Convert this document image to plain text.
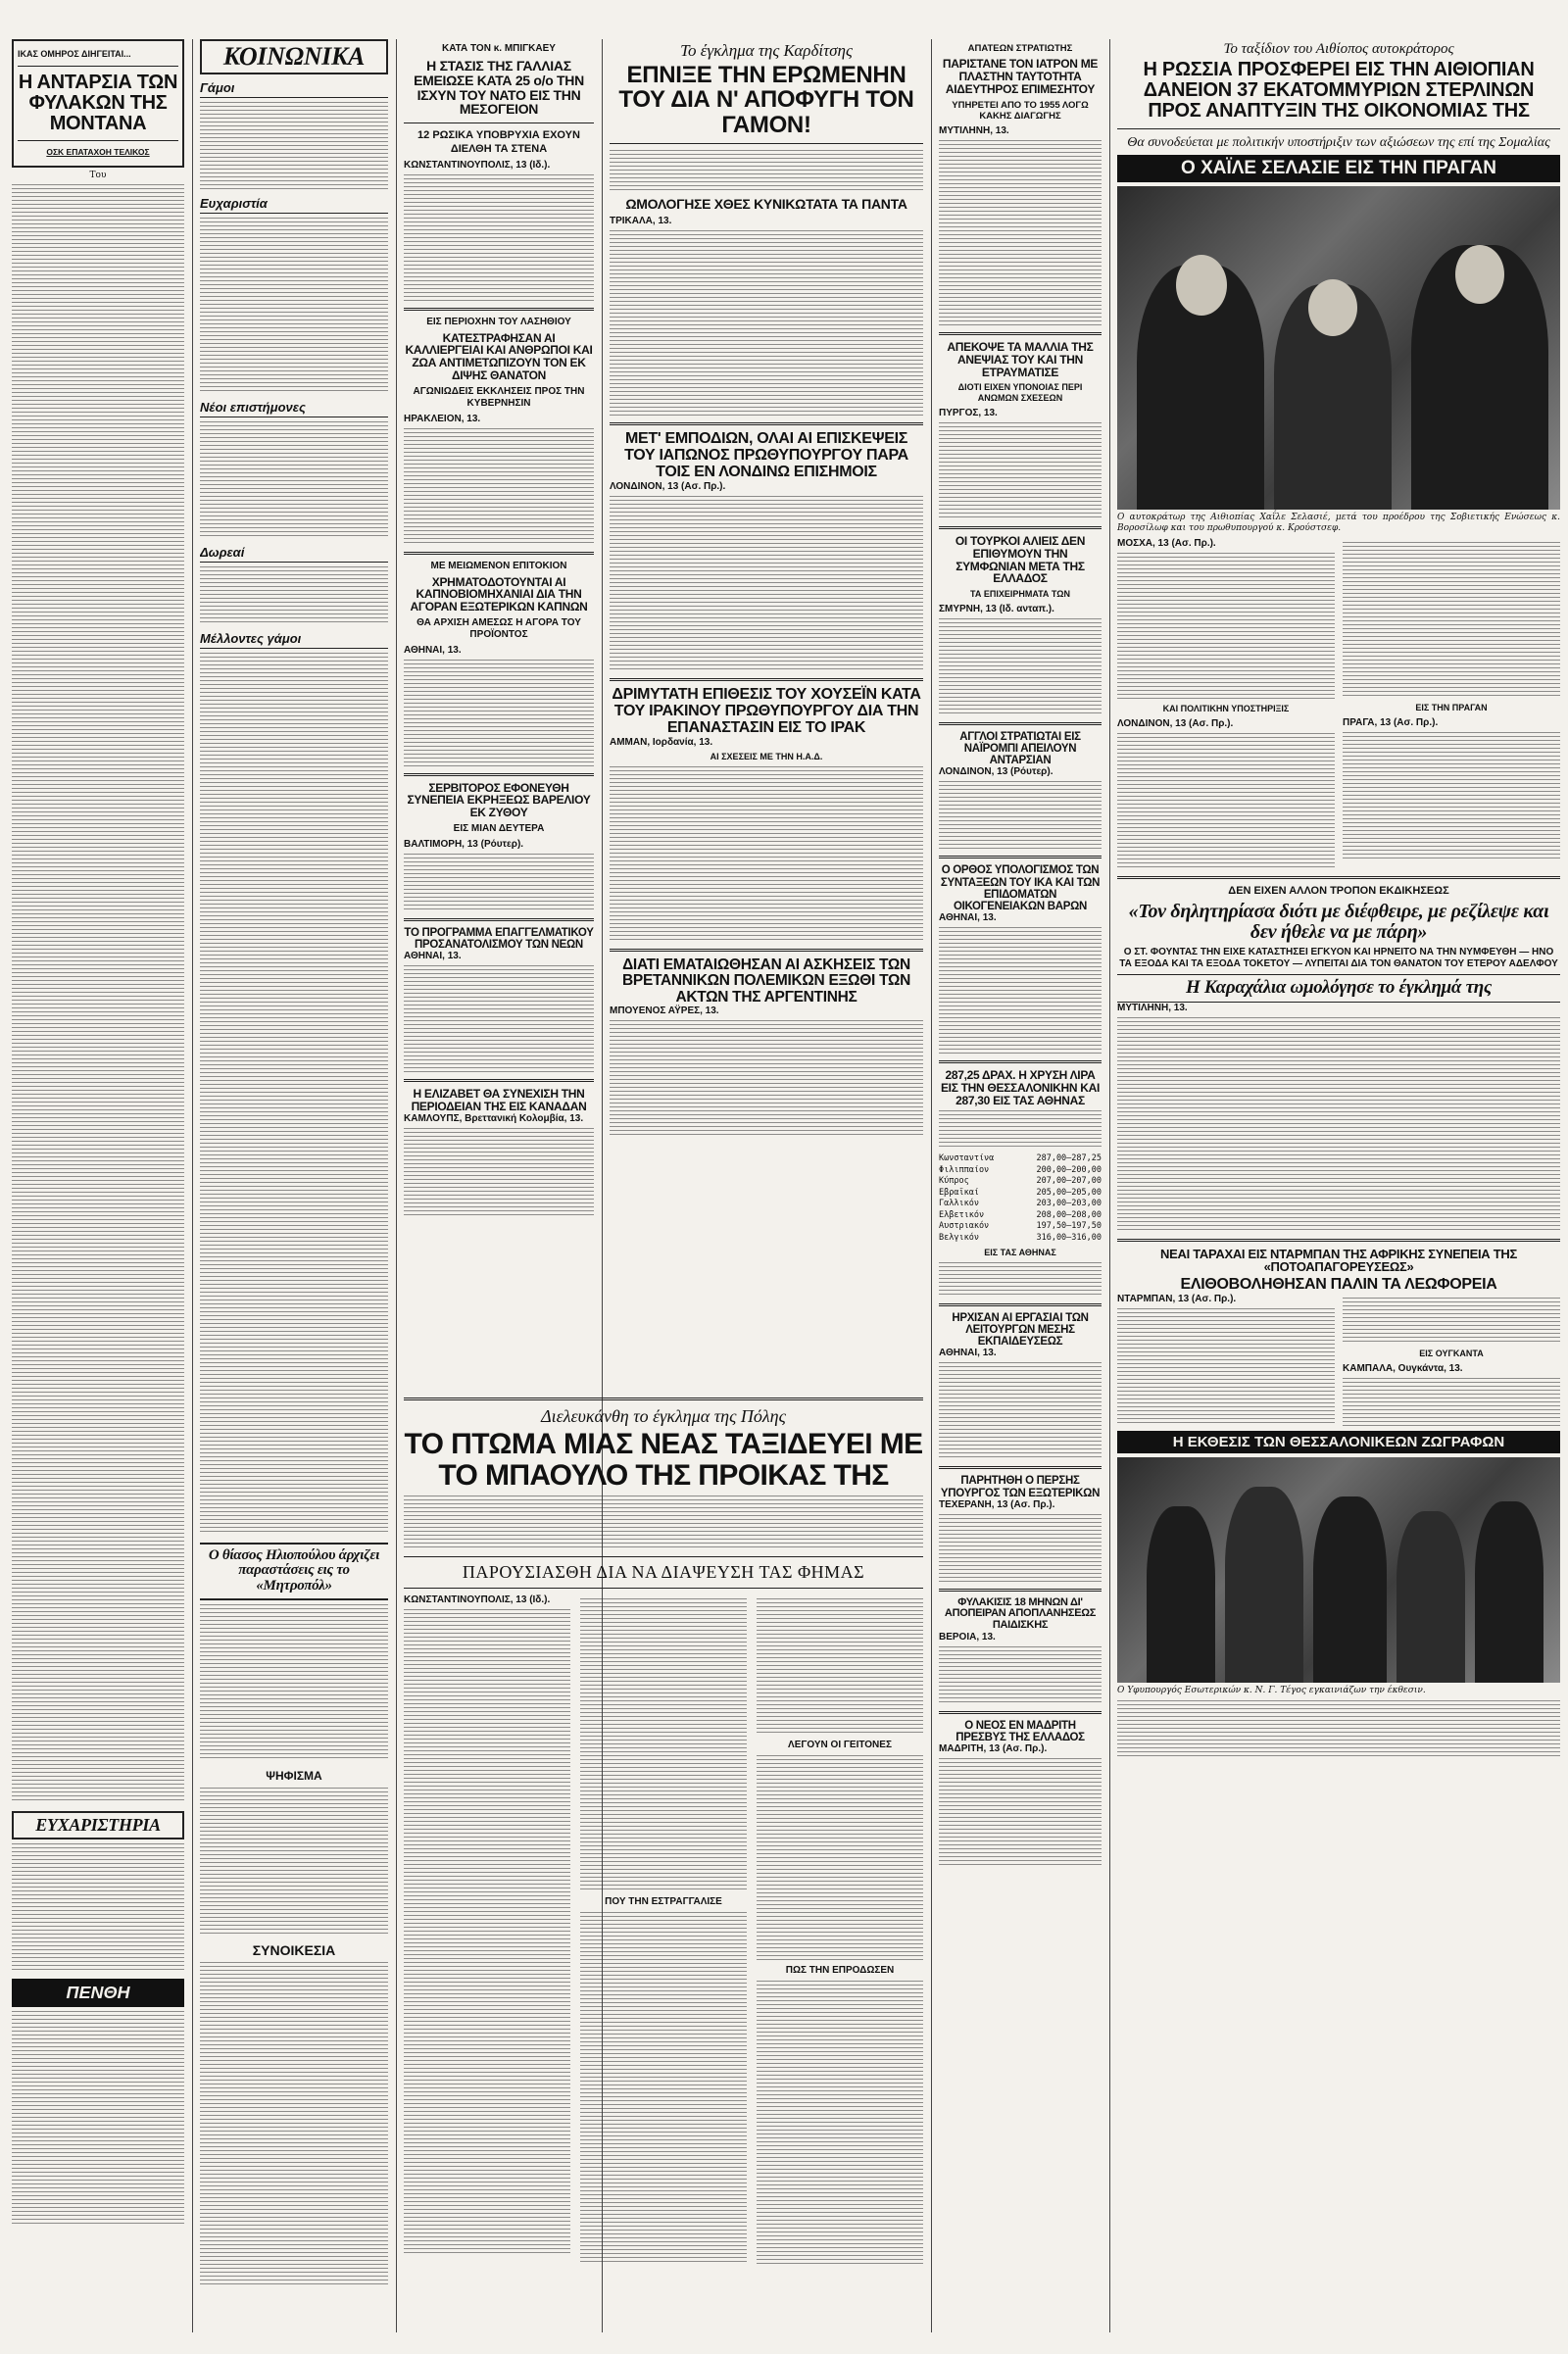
ΙΚΑΣ ΟΜΗΡΟΣ ΔΙΗΓΕΙΤΑΙ...
Η ΑΝΤΑΡΣΙΑ ΤΩΝ ΦΥΛΑΚΩΝ ΤΗΣ ΜΟΝΤΑΝΑ
ΟΣΚ ΕΠΑΤΑΧΟΗ ΤΕΛΙΚΟΣ
Του
ΕΥΧΑΡΙΣΤΗΡΙΑ
ΠΕΝΘΗ
ΚΟΙΝΩΝΙΚΑ
Γάμοι
Ευχαριστία
Νέοι επιστήμονες
Δωρεαί
Μέλλοντες γάμοι
Ο θίασος Ηλιοπούλου άρχιζει παραστάσεις εις το «Μητροπόλ»
ΨΗΦΙΣΜΑ
ΣΥΝΟΙΚΕΣΙΑ
ΚΑΤΑ ΤΟΝ κ. ΜΠΙΓΚΑΕΥ
Η ΣΤΑΣΙΣ ΤΗΣ ΓΑΛΛΙΑΣ ΕΜΕΙΩΣΕ ΚΑΤΑ 25 ο/ο ΤΗΝ ΙΣΧΥΝ ΤΟΥ ΝΑΤΟ ΕΙΣ ΤΗΝ ΜΕΣΟΓΕΙΟΝ
12 ΡΩΣΙΚΑ ΥΠΟΒΡΥΧΙΑ ΕΧΟΥΝ ΔΙΕΛΘΗ ΤΑ ΣΤΕΝΑ
ΚΩΝΣΤΑΝΤΙΝΟΥΠΟΛΙΣ, 13 (Ιδ.).
ΕΙΣ ΠΕΡΙΟΧΗΝ ΤΟΥ ΛΑΣΗΘΙΟΥ
ΚΑΤΕΣΤΡΑΦΗΣΑΝ ΑΙ ΚΑΛΛΙΕΡΓΕΙΑΙ ΚΑΙ ΑΝΘΡΩΠΟΙ ΚΑΙ ΖΩΑ ΑΝΤΙΜΕΤΩΠΙΖΟΥΝ ΤΟΝ ΕΚ ΔΙΨΗΣ ΘΑΝΑΤΟΝ
ΑΓΩΝΙΩΔΕΙΣ ΕΚΚΛΗΣΕΙΣ ΠΡΟΣ ΤΗΝ ΚΥΒΕΡΝΗΣΙΝ
ΗΡΑΚΛΕΙΟΝ, 13.
ΜΕ ΜΕΙΩΜΕΝΟΝ ΕΠΙΤΟΚΙΟΝ
ΧΡΗΜΑΤΟΔΟΤΟΥΝΤΑΙ ΑΙ ΚΑΠΝΟΒΙΟΜΗΧΑΝΙΑΙ ΔΙΑ ΤΗΝ ΑΓΟΡΑΝ ΕΞΩΤΕΡΙΚΩΝ ΚΑΠΝΩΝ
ΘΑ ΑΡΧΙΣΗ ΑΜΕΣΩΣ Η ΑΓΟΡΑ ΤΟΥ ΠΡΟΪΟΝΤΟΣ
ΑΘΗΝΑΙ, 13.
ΣΕΡΒΙΤΟΡΟΣ ΕΦΟΝΕΥΘΗ ΣΥΝΕΠΕΙΑ ΕΚΡΗΞΕΩΣ ΒΑΡΕΛΙΟΥ ΕΚ ΖΥΘΟΥ
ΕΙΣ ΜΙΑΝ ΔΕΥΤΕΡΑ
ΒΑΛΤΙΜΟΡΗ, 13 (Ρόυτερ).
ΤΟ ΠΡΟΓΡΑΜΜΑ ΕΠΑΓΓΕΛΜΑΤΙΚΟΥ ΠΡΟΣΑΝΑΤΟΛΙΣΜΟΥ ΤΩΝ ΝΕΩΝ
ΑΘΗΝΑΙ, 13.
Η ΕΛΙΖΑΒΕΤ ΘΑ ΣΥΝΕΧΙΣΗ ΤΗΝ ΠΕΡΙΟΔΕΙΑΝ ΤΗΣ ΕΙΣ ΚΑΝΑΔΑΝ
ΚΑΜΛΟΥΠΣ, Βρεττανική Κολομβία, 13.
Το έγκλημα της Καρδίτσης
ΕΠΝΙΞΕ ΤΗΝ ΕΡΩΜΕΝΗΝ ΤΟΥ ΔΙΑ Ν' ΑΠΟΦΥΓΗ ΤΟΝ ΓΑΜΟΝ!
ΩΜΟΛΟΓΗΣΕ ΧΘΕΣ ΚΥΝΙΚΩΤΑΤΑ ΤΑ ΠΑΝΤΑ
ΤΡΙΚΑΛΑ, 13.
ΜΕΤ' ΕΜΠΟΔΙΩΝ, ΟΛΑΙ ΑΙ ΕΠΙΣΚΕΨΕΙΣ ΤΟΥ ΙΑΠΩΝΟΣ ΠΡΩΘΥΠΟΥΡΓΟΥ ΠΑΡΑ ΤΟΙΣ ΕΝ ΛΟΝΔΙΝΩ ΕΠΙΣΗΜΟΙΣ
ΛΟΝΔΙΝΟΝ, 13 (Ασ. Πρ.).
ΔΡΙΜΥΤΑΤΗ ΕΠΙΘΕΣΙΣ ΤΟΥ ΧΟΥΣΕΪΝ ΚΑΤΑ ΤΟΥ ΙΡΑΚΙΝΟΥ ΠΡΩΘΥΠΟΥΡΓΟΥ ΔΙΑ ΤΗΝ ΕΠΑΝΑΣΤΑΣΙΝ ΕΙΣ ΤΟ ΙΡΑΚ
ΑΜΜΑΝ, Ιορδανία, 13.
ΑΙ ΣΧΕΣΕΙΣ ΜΕ ΤΗΝ Η.Α.Δ.
ΔΙΑΤΙ ΕΜΑΤΑΙΩΘΗΣΑΝ ΑΙ ΑΣΚΗΣΕΙΣ ΤΩΝ ΒΡΕΤΑΝΝΙΚΩΝ ΠΟΛΕΜΙΚΩΝ ΕΞΩΘΙ ΤΩΝ ΑΚΤΩΝ ΤΗΣ ΑΡΓΕΝΤΙΝΗΣ
ΜΠΟΥΕΝΟΣ ΑΫΡΕΣ, 13.
Διελευκάνθη το έγκλημα της Πόλης
ΤΟ ΠΤΩΜΑ ΜΙΑΣ ΝΕΑΣ ΤΑΞΙΔΕΥΕΙ ΜΕ ΤΟ ΜΠΑΟΥΛΟ ΤΗΣ ΠΡΟΙΚΑΣ ΤΗΣ
ΠΑΡΟΥΣΙΑΣΘΗ ΔΙΑ ΝΑ ΔΙΑΨΕΥΣΗ ΤΑΣ ΦΗΜΑΣ
ΚΩΝΣΤΑΝΤΙΝΟΥΠΟΛΙΣ, 13 (Ιδ.).
ΠΟΥ ΤΗΝ ΕΣΤΡΑΓΓΑΛΙΣΕ
ΛΕΓΟΥΝ ΟΙ ΓΕΙΤΟΝΕΣ
ΠΩΣ ΤΗΝ ΕΠΡΟΔΩΣΕΝ
ΑΠΑΤΕΩΝ ΣΤΡΑΤΙΩΤΗΣ
ΠΑΡΙΣΤΑΝΕ ΤΟΝ ΙΑΤΡΟΝ ΜΕ ΠΛΑΣΤΗΝ ΤΑΥΤΟΤΗΤΑ ΑΙΔΕΥΤΗΡΟΣ ΕΠΙΜΕΣΗΤΟΥ
ΥΠΗΡΕΤΕΙ ΑΠΟ ΤΟ 1955 ΛΟΓΩ ΚΑΚΗΣ ΔΙΑΓΩΓΗΣ
ΜΥΤΙΛΗΝΗ, 13.
ΑΠΕΚΟΨΕ ΤΑ ΜΑΛΛΙΑ ΤΗΣ ΑΝΕΨΙΑΣ ΤΟΥ ΚΑΙ ΤΗΝ ΕΤΡΑΥΜΑΤΙΣΕ
ΔΙΟΤΙ ΕΙΧΕΝ ΥΠΟΝΟΙΑΣ ΠΕΡΙ ΑΝΩΜΩΝ ΣΧΕΣΕΩΝ
ΠΥΡΓΟΣ, 13.
ΟΙ ΤΟΥΡΚΟΙ ΑΛΙΕΙΣ ΔΕΝ ΕΠΙΘΥΜΟΥΝ ΤΗΝ ΣΥΜΦΩΝΙΑΝ ΜΕΤΑ ΤΗΣ ΕΛΛΑΔΟΣ
ΤΑ ΕΠΙΧΕΙΡΗΜΑΤΑ ΤΩΝ
ΣΜΥΡΝΗ, 13 (Ιδ. ανταπ.).
ΑΓΓΛΟΙ ΣΤΡΑΤΙΩΤΑΙ ΕΙΣ ΝΑΪΡΟΜΠΙ ΑΠΕΙΛΟΥΝ ΑΝΤΑΡΣΙΑΝ
ΛΟΝΔΙΝΟΝ, 13 (Ρόυτερ).
Ο ΟΡΘΟΣ ΥΠΟΛΟΓΙΣΜΟΣ ΤΩΝ ΣΥΝΤΑΞΕΩΝ ΤΟΥ ΙΚΑ ΚΑΙ ΤΩΝ ΕΠΙΔΟΜΑΤΩΝ ΟΙΚΟΓΕΝΕΙΑΚΩΝ ΒΑΡΩΝ
ΑΘΗΝΑΙ, 13.
287,25 ΔΡΑΧ. Η ΧΡΥΣΗ ΛΙΡΑ ΕΙΣ ΤΗΝ ΘΕΣΣΑΛΟΝΙΚΗΝ ΚΑΙ 287,30 ΕΙΣ ΤΑΣ ΑΘΗΝΑΣ
Κωνσταντίνα	287,00—287,25
Φιλιππαίον	200,00—200,00
Κύπρος	207,00—207,00
Εβραϊκαί	205,00—205,00
Γαλλικόν	203,00—203,00
Ελβετικόν	208,00—208,00
Αυστριακόν	197,50—197,50
Βελγικόν	316,00—316,00
ΕΙΣ ΤΑΣ ΑΘΗΝΑΣ
ΗΡΧΙΣΑΝ ΑΙ ΕΡΓΑΣΙΑΙ ΤΩΝ ΛΕΙΤΟΥΡΓΩΝ ΜΕΣΗΣ ΕΚΠΑΙΔΕΥΣΕΩΣ
ΑΘΗΝΑΙ, 13.
ΠΑΡΗΤΗΘΗ Ο ΠΕΡΣΗΣ ΥΠΟΥΡΓΟΣ ΤΩΝ ΕΞΩΤΕΡΙΚΩΝ
ΤΕΧΕΡΑΝΗ, 13 (Ασ. Πρ.).
ΦΥΛΑΚΙΣΙΣ 18 ΜΗΝΩΝ ΔΙ' ΑΠΟΠΕΙΡΑΝ ΑΠΟΠΛΑΝΗΣΕΩΣ ΠΑΙΔΙΣΚΗΣ
ΒΕΡΟΙΑ, 13.
Ο ΝΕΟΣ ΕΝ ΜΑΔΡΙΤΗ ΠΡΕΣΒΥΣ ΤΗΣ ΕΛΛΑΔΟΣ
ΜΑΔΡΙΤΗ, 13 (Ασ. Πρ.).
Το ταξίδιον του Αιθίοπος αυτοκράτορος
Η ΡΩΣΣΙΑ ΠΡΟΣΦΕΡΕΙ ΕΙΣ ΤΗΝ ΑΙΘΙΟΠΙΑΝ ΔΑΝΕΙΟΝ 37 ΕΚΑΤΟΜΜΥΡΙΩΝ ΣΤΕΡΛΙΝΩΝ ΠΡΟΣ ΑΝΑΠΤΥΞΙΝ ΤΗΣ ΟΙΚΟΝΟΜΙΑΣ ΤΗΣ
Θα συνοδεύεται με πολιτικήν υποστήριξιν των αξιώσεων της επί της Σομαλίας
Ο ΧΑΪΛΕ ΣΕΛΑΣΙΕ ΕΙΣ ΤΗΝ ΠΡΑΓΑΝ
Ο αυτοκράτωρ της Αιθιοπίας Χαΐλε Σελασιέ, μετά του προέδρου της Σοβιετικής Ενώσεως κ. Βοροσίλωφ και του πρωθυπουργού κ. Κρούστσεφ.
ΜΟΣΧΑ, 13 (Ασ. Πρ.).
ΚΑΙ ΠΟΛΙΤΙΚΗΝ ΥΠΟΣΤΗΡΙΞΙΣ
ΛΟΝΔΙΝΟΝ, 13 (Ασ. Πρ.).
ΕΙΣ ΤΗΝ ΠΡΑΓΑΝ
ΠΡΑΓΑ, 13 (Ασ. Πρ.).
ΔΕΝ ΕΙΧΕΝ ΑΛΛΟΝ ΤΡΟΠΟΝ ΕΚΔΙΚΗΣΕΩΣ
«Τον δηλητηρίασα διότι με διέφθειρε, με ρεζίλεψε και δεν ήθελε να με πάρη»
Ο ΣΤ. ΦΟΥΝΤΑΣ ΤΗΝ ΕΙΧΕ ΚΑΤΑΣΤΗΣΕΙ ΕΓΚΥΟΝ ΚΑΙ ΗΡΝΕΙΤΟ ΝΑ ΤΗΝ ΝΥΜΦΕΥΘΗ — ΗΝΟ ΤΑ ΕΞΟΔΑ ΚΑΙ ΤΑ ΕΞΟΔΑ ΤΟΚΕΤΟΥ — ΛΥΠΕΙΤΑΙ ΔΙΑ ΤΟΝ ΘΑΝΑΤΟΝ ΤΟΥ ΕΤΕΡΟΥ ΑΔΕΛΦΟΥ
Η Καραχάλια ωμολόγησε το έγκλημά της
ΜΥΤΙΛΗΝΗ, 13.
ΝΕΑΙ ΤΑΡΑΧΑΙ ΕΙΣ ΝΤΑΡΜΠΑΝ ΤΗΣ ΑΦΡΙΚΗΣ ΣΥΝΕΠΕΙΑ ΤΗΣ «ΠΟΤΟΑΠΑΓΟΡΕΥΣΕΩΣ»
ΕΛΙΘΟΒΟΛΗΘΗΣΑΝ ΠΑΛΙΝ ΤΑ ΛΕΩΦΟΡΕΙΑ
ΝΤΑΡΜΠΑΝ, 13 (Ασ. Πρ.).
ΕΙΣ ΟΥΓΚΑΝΤΑ
ΚΑΜΠΑΛΑ, Ουγκάντα, 13.
Η ΕΚΘΕΣΙΣ ΤΩΝ ΘΕΣΣΑΛΟΝΙΚΕΩΝ ΖΩΓΡΑΦΩΝ
Ο Υφυπουργός Εσωτερικών κ. Ν. Γ. Τέγος εγκαινιάζων την έκθεσιν.
